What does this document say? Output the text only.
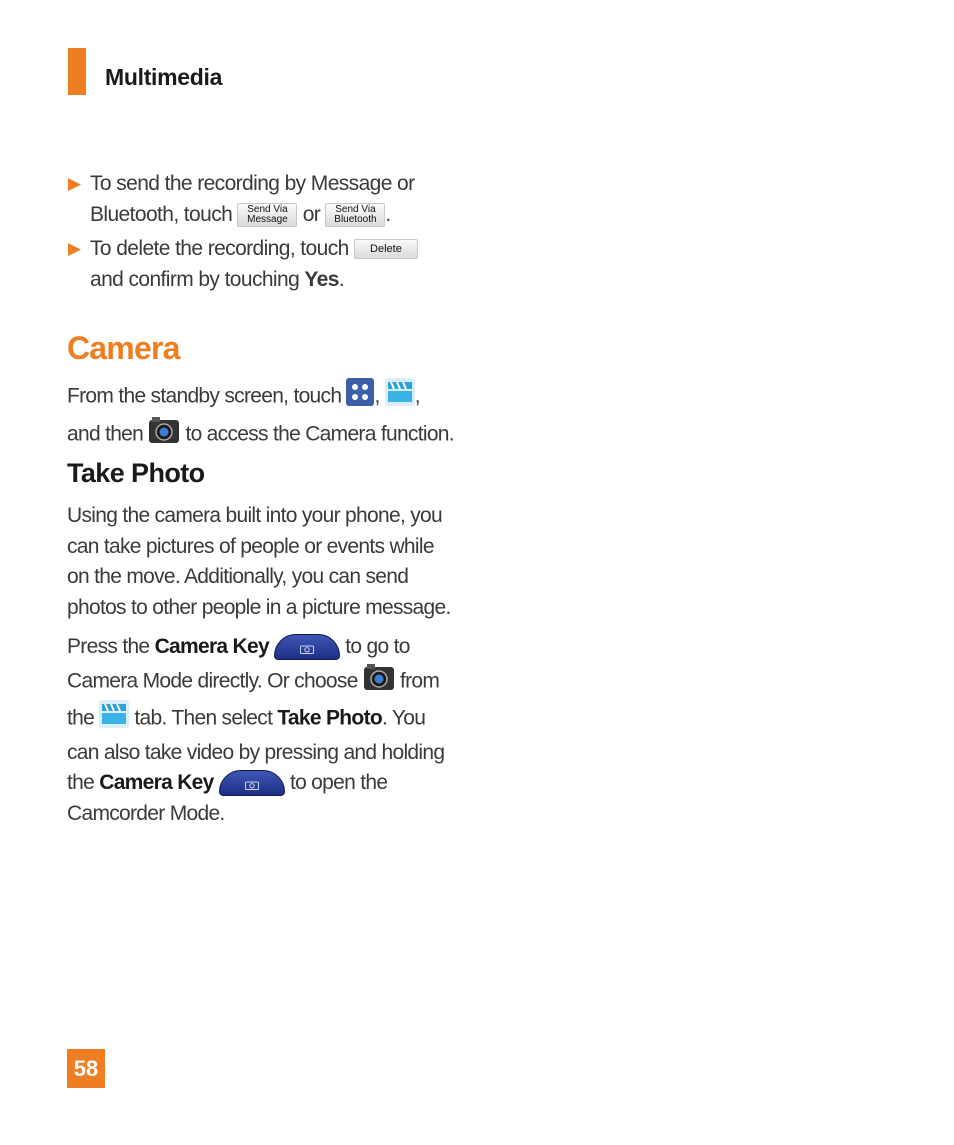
Multimedia
▶ To send the recording by Message or Bluetooth, touch Send Via
Message or Send Via
Bluetooth .
▶ To delete the recording, touch Delete and confirm by touching Yes.
Camera
From the standby screen, touch , , and then to access the Camera function.
Take Photo
Using the camera built into your phone, you can take pictures of people or events while on the move. Additionally, you can send photos to other people in a picture message.
Press the Camera Key	to go to Camera Mode directly. Or choose from the tab. Then select Take Photo. You can also take video by pressing and holding the Camera Key	to open the Camcorder Mode.
58
